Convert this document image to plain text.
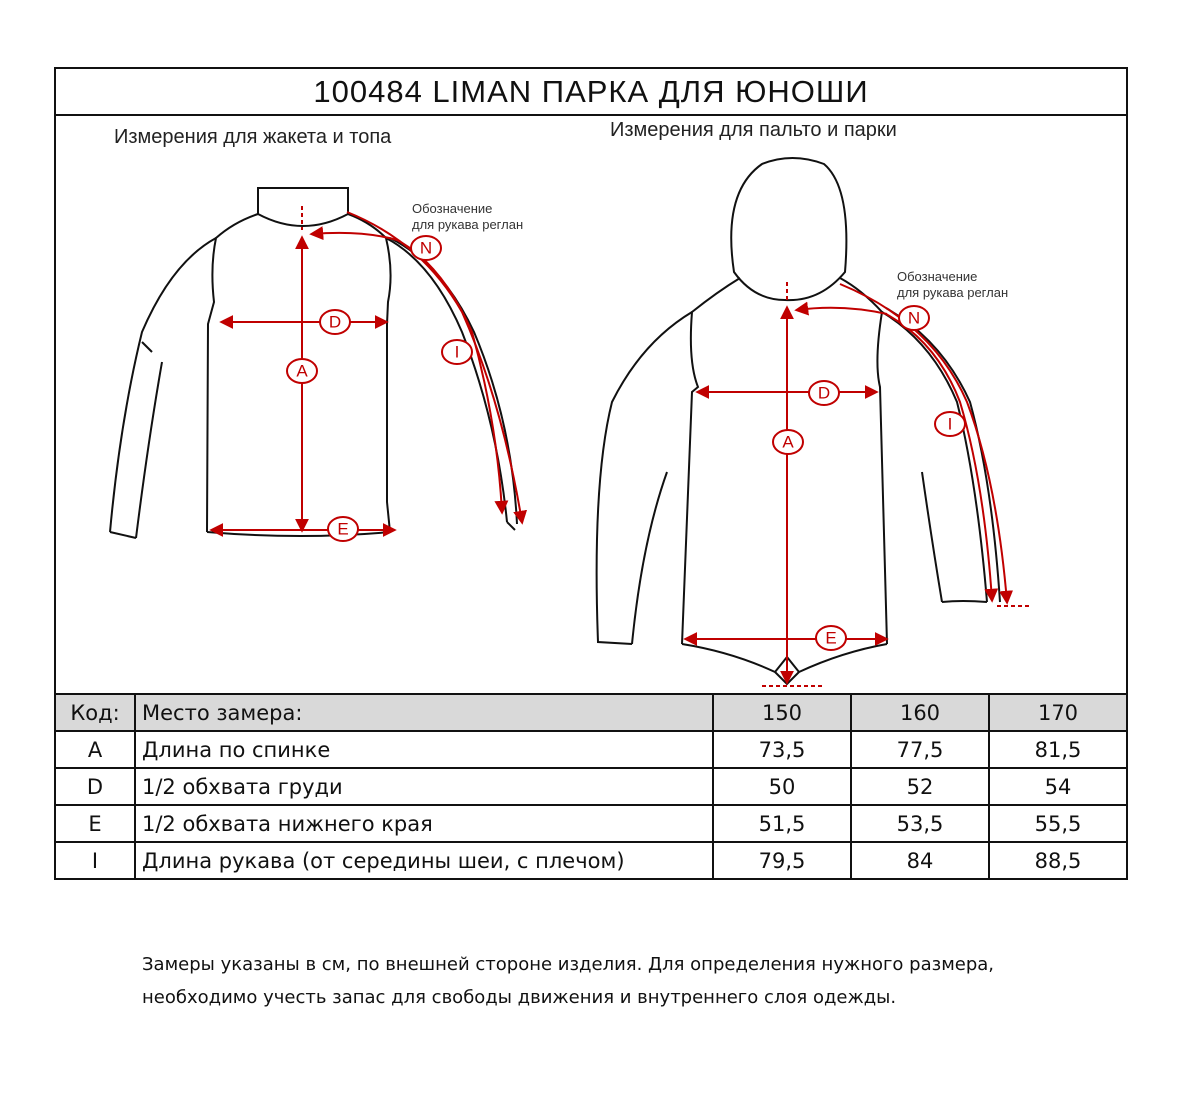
100484 LIMAN ПАРКА ДЛЯ ЮНОШИ
Измерения для жакета и топа	Измерения для пальто и парки
A
D
E
I
N
Обозначение
для рукава реглан
A
D
E
I
N
Обозначение
для рукава реглан
Код:	Место замера:	150	160	170
A	Длина по спинке	73,5	77,5	81,5
D	1/2 обхвата груди	50	52	54
E	1/2 обхвата нижнего края	51,5	53,5	55,5
I	Длина рукава (от середины шеи, с плечом)	79,5	84	88,5
Замеры указаны в см, по внешней стороне изделия. Для определения нужного размера,
необходимо учесть запас для свободы движения и внутреннего слоя одежды.
